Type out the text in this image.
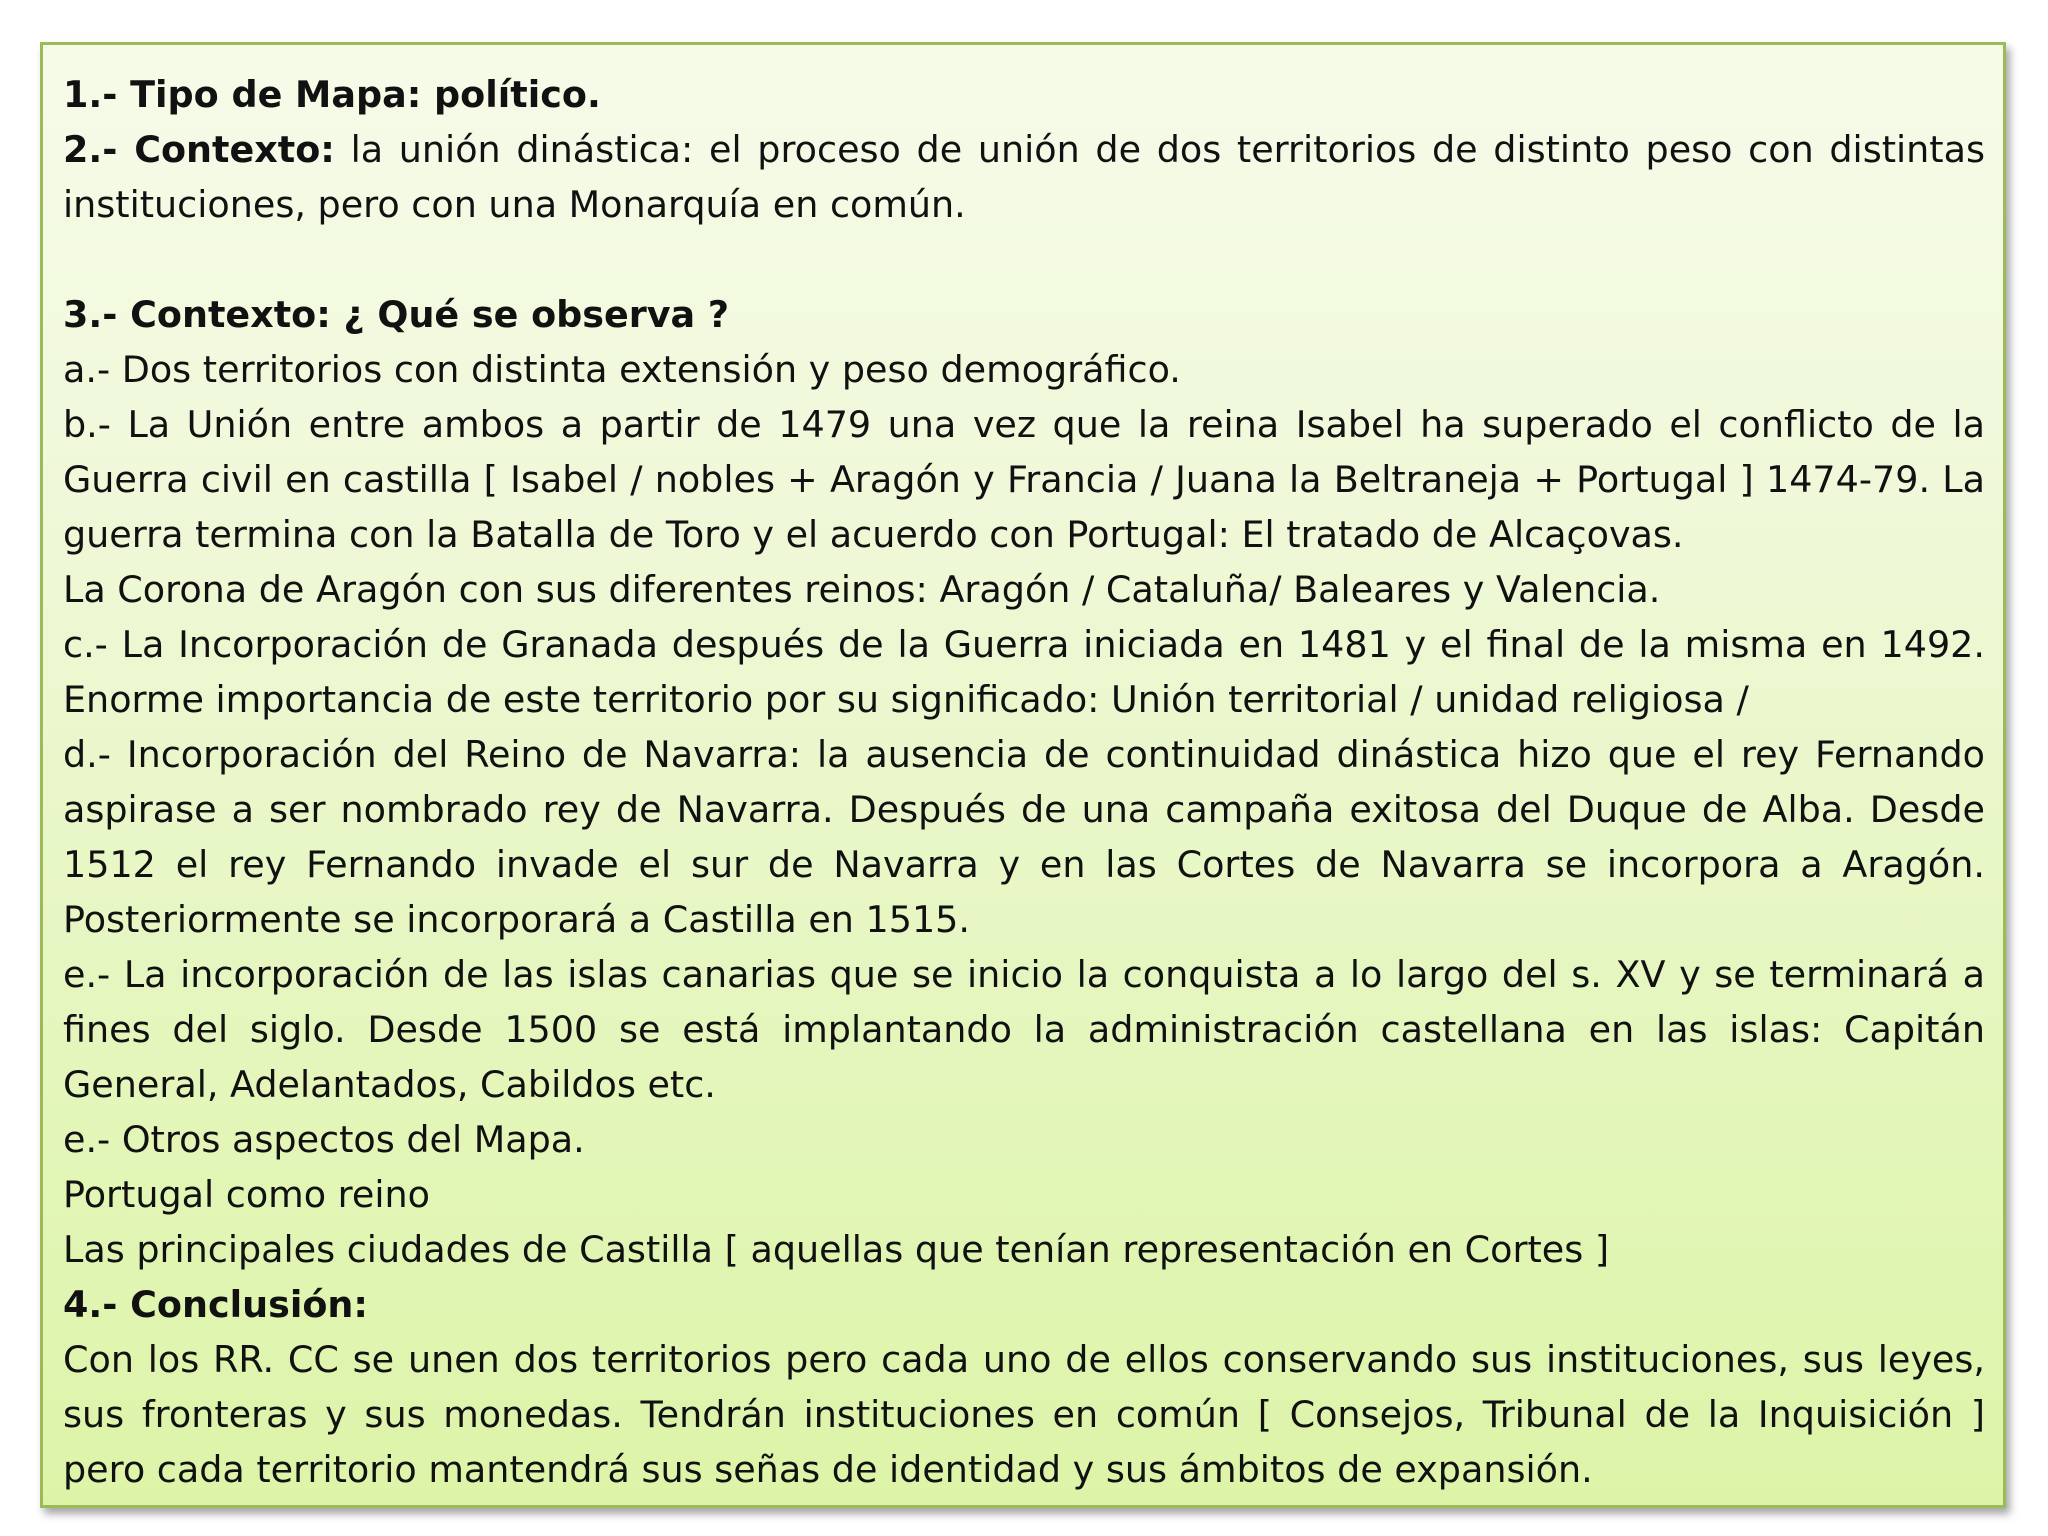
1.- Tipo de Mapa: político.

2.- Contexto: la unión dinástica: el proceso de unión de dos territorios de distinto peso con distintas instituciones, pero con una Monarquía en común.

3.- Contexto: ¿ Qué se observa ?

a.- Dos territorios con distinta extensión y peso demográfico.

b.- La Unión entre ambos a partir de 1479 una vez que la reina Isabel ha superado el conflicto de la Guerra civil en castilla [ Isabel / nobles + Aragón y Francia / Juana la Beltraneja + Portugal ] 1474-79. La guerra termina con la Batalla de Toro y el acuerdo con Portugal: El tratado de Alcaçovas.

La Corona de Aragón con sus diferentes reinos: Aragón / Cataluña/ Baleares y Valencia.

c.- La Incorporación de Granada después de la Guerra iniciada en 1481 y el final de la misma en 1492. Enorme importancia de este territorio por su significado: Unión territorial / unidad religiosa /

d.- Incorporación del Reino de Navarra: la ausencia de continuidad dinástica hizo que el rey Fernando aspirase a ser nombrado rey de Navarra. Después de una campaña exitosa del Duque de Alba. Desde 1512 el rey Fernando invade el sur de Navarra y en las Cortes de Navarra se incorpora a Aragón. Posteriormente se incorporará a Castilla en 1515.

e.- La incorporación de las islas canarias que se inicio la conquista a lo largo del s. XV y se terminará a fines del siglo. Desde 1500 se está implantando la administración castellana en las islas: Capitán General, Adelantados, Cabildos etc.

e.- Otros aspectos del Mapa.

Portugal como reino

Las principales ciudades de Castilla [ aquellas que tenían representación en Cortes ]

4.- Conclusión:

Con los RR. CC se unen dos territorios pero cada uno de ellos conservando sus instituciones, sus leyes, sus fronteras y sus monedas. Tendrán instituciones en común [ Consejos, Tribunal de la Inquisición ] pero cada territorio mantendrá sus señas de identidad y sus ámbitos de expansión.
